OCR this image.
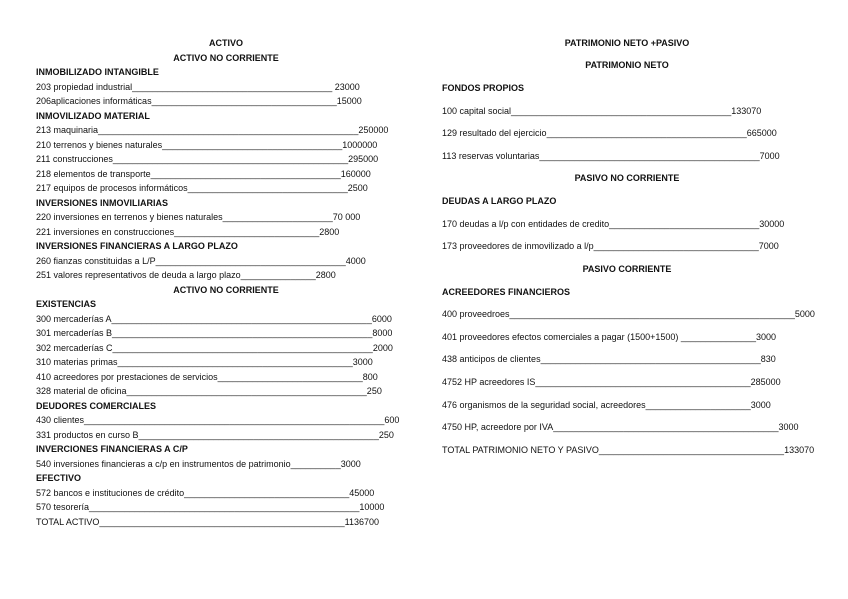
ACTIVO
ACTIVO NO CORRIENTE
INMOBILIZADO INTANGIBLE
203 propiedad industrial________________________________________ 23000
206aplicaciones informáticas_____________________________________15000
INMOVILIZADO MATERIAL
213 maquinaria____________________________________________________250000
210 terrenos y bienes naturales____________________________________1000000
211 construcciones_______________________________________________295000
218 elementos de transporte______________________________________160000
217 equipos de procesos informáticos________________________________2500
INVERSIONES INMOVILIARIAS
220 inversiones en terrenos y bienes naturales______________________70 000
221 inversiones en construcciones_____________________________2800
INVERSIONES FINANCIERAS A LARGO PLAZO
260 fianzas constituidas a L/P______________________________________4000
251 valores representativos de deuda a largo plazo_______________2800
ACTIVO NO CORRIENTE
EXISTENCIAS
300 mercaderías A____________________________________________________6000
301 mercaderías B____________________________________________________8000
302 mercaderías C____________________________________________________2000
310 materias primas_______________________________________________3000
410 acreedores por prestaciones de servicios_____________________________800
328 material de oficina________________________________________________250
DEUDORES COMERCIALES
430 clientes____________________________________________________________600
331 productos en curso B________________________________________________250
INVERCIONES FINANCIERAS A C/P
540 inversiones financieras a c/p en instrumentos de patrimonio__________3000
EFECTIVO
572 bancos e instituciones de crédito_________________________________45000
570 tesorería______________________________________________________10000
TOTAL ACTIVO_________________________________________________1136700
PATRIMONIO NETO +PASIVO
PATRIMONIO NETO
FONDOS PROPIOS
100 capital social____________________________________________133070
129 resultado del ejercicio________________________________________665000
113 reservas voluntarias____________________________________________7000
PASIVO NO CORRIENTE
DEUDAS A LARGO PLAZO
170 deudas a l/p con entidades de credito______________________________30000
173 proveedores de inmovilizado a l/p_________________________________7000
PASIVO CORRIENTE
ACREEDORES FINANCIEROS
400 proveedroes_________________________________________________________5000
401 proveedores efectos comerciales a pagar (1500+1500) _______________3000
438 anticipos de clientes____________________________________________830
4752 HP acreedores IS___________________________________________285000
476 organismos de la seguridad social, acreedores_____________________3000
4750 HP, acreedore por IVA_____________________________________________3000
TOTAL PATRIMONIO NETO Y PASIVO_____________________________________133070
